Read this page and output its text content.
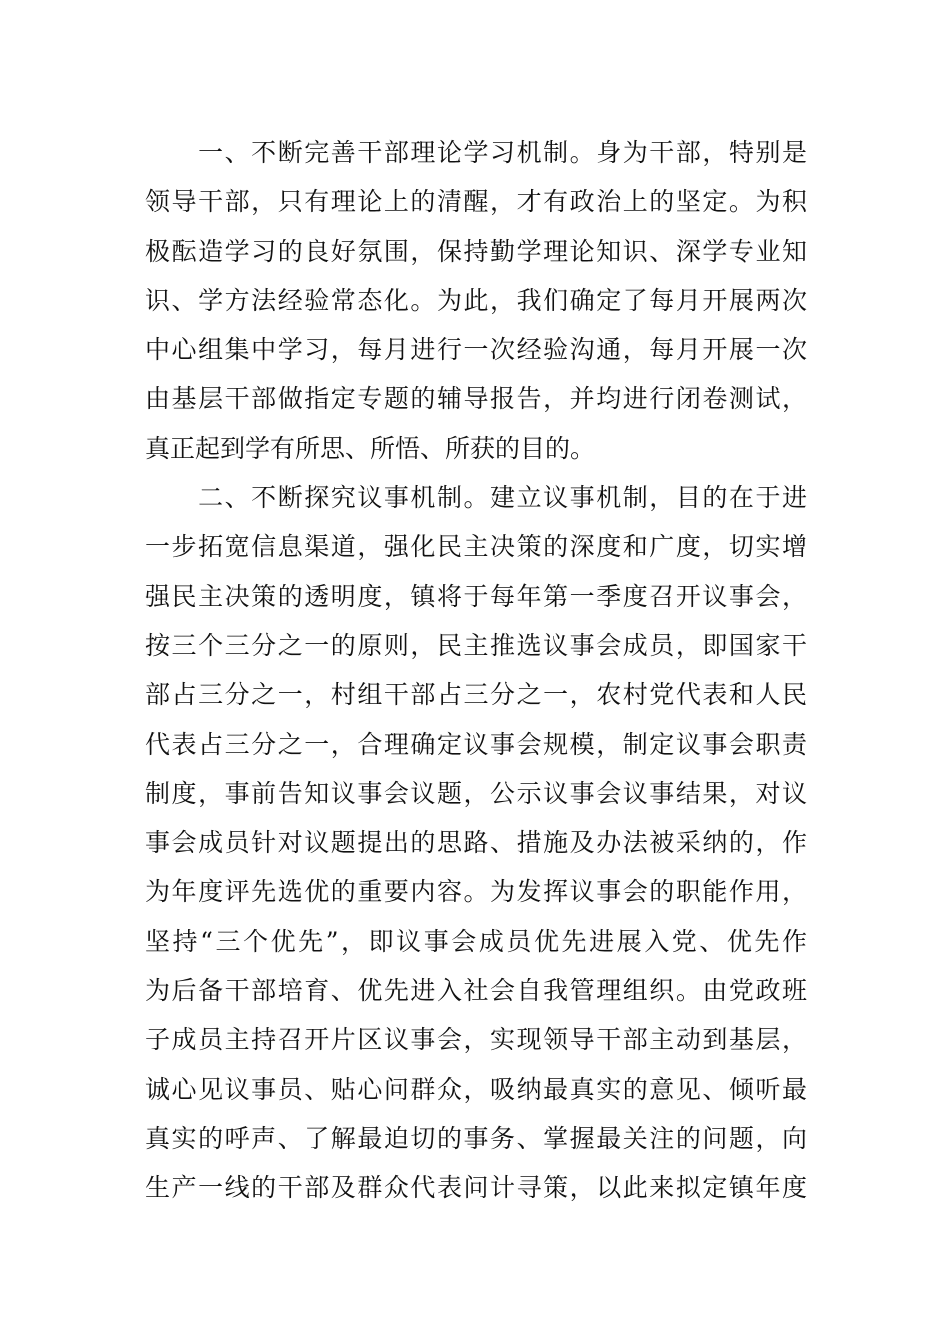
　　一、不断完善干部理论学习机制。身为干部，特别是
领导干部，只有理论上的清醒，才有政治上的坚定。为积
极酝造学习的良好氛围，保持勤学理论知识、深学专业知
识、学方法经验常态化。为此，我们确定了每月开展两次
中心组集中学习，每月进行一次经验沟通，每月开展一次
由基层干部做指定专题的辅导报告，并均进行闭卷测试，
真正起到学有所思、所悟、所获的目的。
　　二、不断探究议事机制。建立议事机制，目的在于进
一步拓宽信息渠道，强化民主决策的深度和广度，切实增
强民主决策的透明度，镇将于每年第一季度召开议事会，
按三个三分之一的原则，民主推选议事会成员，即国家干
部占三分之一，村组干部占三分之一，农村党代表和人民
代表占三分之一，合理确定议事会规模，制定议事会职责
制度，事前告知议事会议题，公示议事会议事结果，对议
事会成员针对议题提出的思路、措施及办法被采纳的，作
为年度评先选优的重要内容。为发挥议事会的职能作用，
坚持“三个优先”，即议事会成员优先进展入党、优先作
为后备干部培育、优先进入社会自我管理组织。由党政班
子成员主持召开片区议事会，实现领导干部主动到基层，
诚心见议事员、贴心问群众，吸纳最真实的意见、倾听最
真实的呼声、了解最迫切的事务、掌握最关注的问题，向
生产一线的干部及群众代表问计寻策，以此来拟定镇年度
